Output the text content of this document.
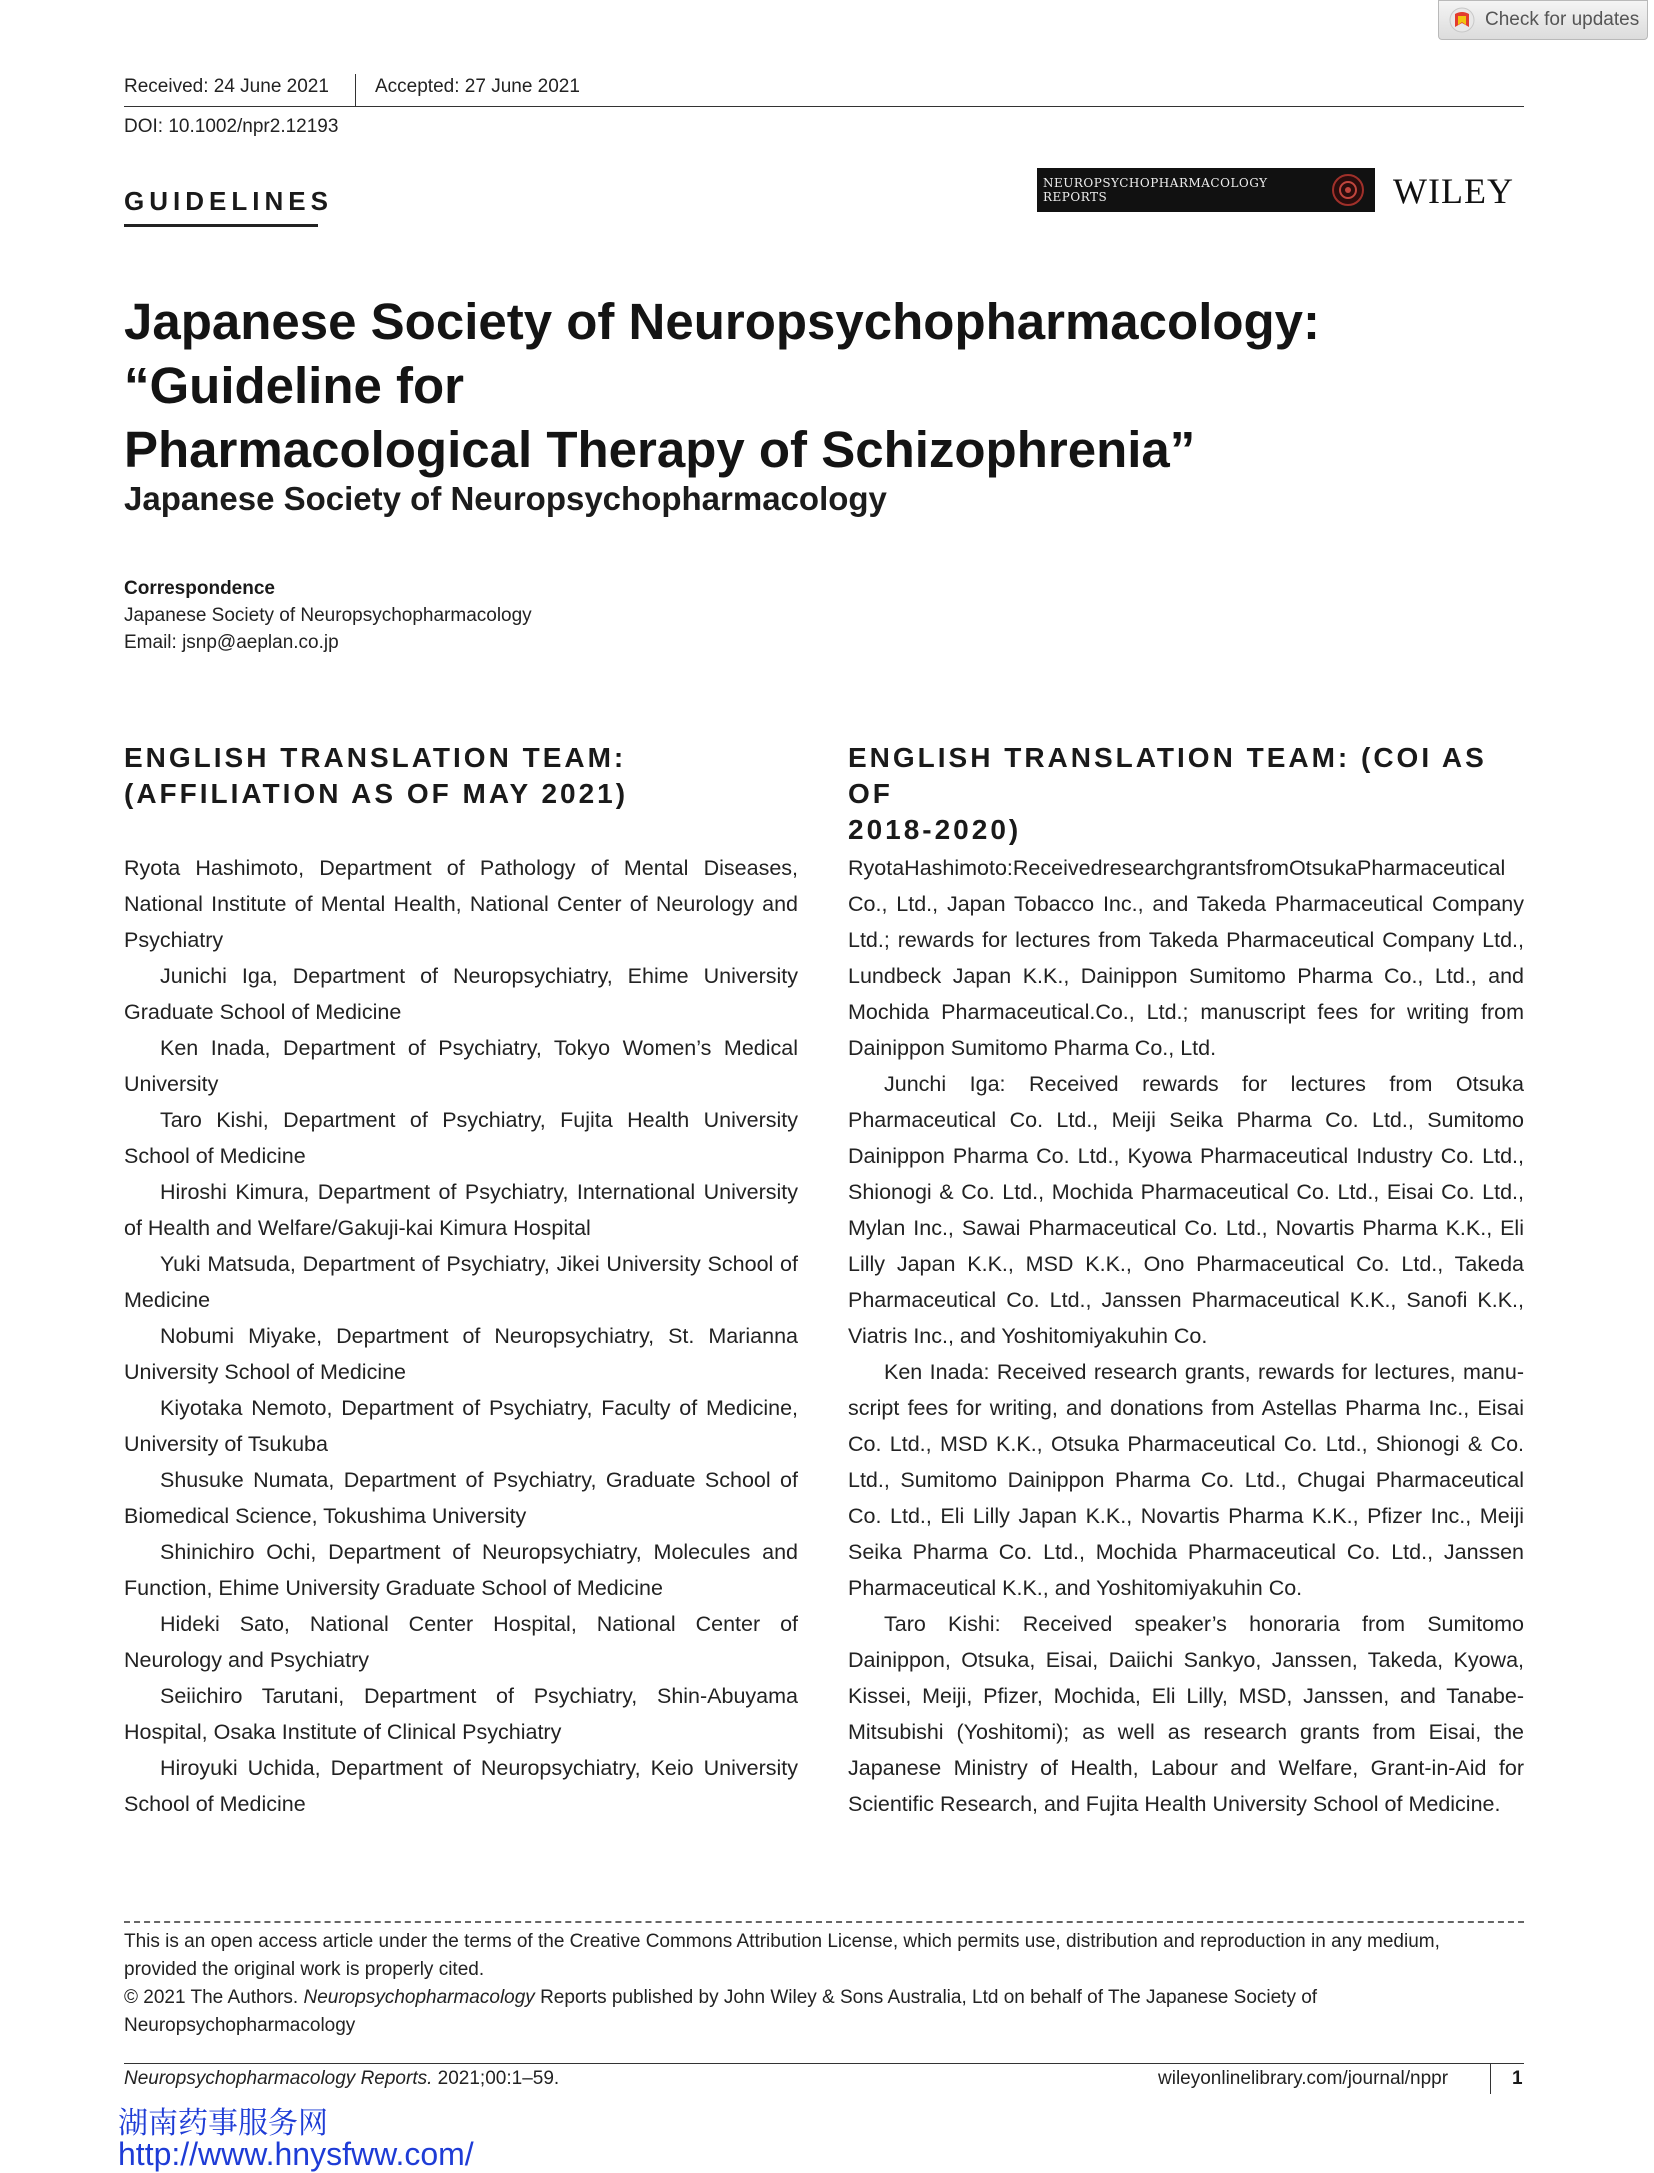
Check for updates
Received: 24 June 2021 Accepted: 27 June 2021
DOI: 10.1002/npr2.12193
GUIDELINES
NEUROPSYCHOPHARMACOLOGY
REPORTS	WILEY
Japanese Society of Neuropsychopharmacology: “Guideline for
Pharmacological Therapy of Schizophrenia”
Japanese Society of Neuropsychopharmacology
Correspondence
Japanese Society of Neuropsychopharmacology
Email: jsnp@aeplan.co.jp
ENGLISH TRANSLATION TEAM:
(AFFILIATION AS OF MAY 2021)

Ryota Hashimoto, Department of Pathology of Mental Diseases, National Institute of Mental Health, National Center of Neurology and Psychiatry

Junichi Iga, Department of Neuropsychiatry, Ehime University Graduate School of Medicine

Ken Inada, Department of Psychiatry, Tokyo Women’s Medical University

Taro Kishi, Department of Psychiatry, Fujita Health University School of Medicine

Hiroshi Kimura, Department of Psychiatry, International University of Health and Welfare/Gakuji-kai Kimura Hospital

Yuki Matsuda, Department of Psychiatry, Jikei University School of Medicine

Nobumi Miyake, Department of Neuropsychiatry, St. Marianna University School of Medicine

Kiyotaka Nemoto, Department of Psychiatry, Faculty of Medicine, University of Tsukuba

Shusuke Numata, Department of Psychiatry, Graduate School of Biomedical Science, Tokushima University

Shinichiro Ochi, Department of Neuropsychiatry, Molecules and Function, Ehime University Graduate School of Medicine

Hideki Sato, National Center Hospital, National Center of Neurology and Psychiatry

Seiichiro Tarutani, Department of Psychiatry, Shin-Abuyama Hospital, Osaka Institute of Clinical Psychiatry

Hiroyuki Uchida, Department of Neuropsychiatry, Keio University School of Medicine

ENGLISH TRANSLATION TEAM: (COI AS OF
2018-2020)

RyotaHashimoto:ReceivedresearchgrantsfromOtsukaPharmaceutical Co., Ltd., Japan Tobacco Inc., and Takeda Pharmaceutical Company Ltd.; rewards for lectures from Takeda Pharmaceutical Company Ltd., Lundbeck Japan K.K., Dainippon Sumitomo Pharma Co., Ltd., and Mochida Pharmaceutical.Co., Ltd.; manuscript fees for writing from Dainippon Sumitomo Pharma Co., Ltd.

Junchi Iga: Received rewards for lectures from Otsuka Pharmaceutical Co. Ltd., Meiji Seika Pharma Co. Ltd., Sumitomo Dainippon Pharma Co. Ltd., Kyowa Pharmaceutical Industry Co. Ltd., Shionogi & Co. Ltd., Mochida Pharmaceutical Co. Ltd., Eisai Co. Ltd., Mylan Inc., Sawai Pharmaceutical Co. Ltd., Novartis Pharma K.K., Eli Lilly Japan K.K., MSD K.K., Ono Pharmaceutical Co. Ltd., Takeda Pharmaceutical Co. Ltd., Janssen Pharmaceutical K.K., Sanofi K.K., Viatris Inc., and Yoshitomiyakuhin Co.

Ken Inada: Received research grants, rewards for lectures, manu-script fees for writing, and donations from Astellas Pharma Inc., Eisai Co. Ltd., MSD K.K., Otsuka Pharmaceutical Co. Ltd., Shionogi & Co. Ltd., Sumitomo Dainippon Pharma Co. Ltd., Chugai Pharmaceutical Co. Ltd., Eli Lilly Japan K.K., Novartis Pharma K.K., Pfizer Inc., Meiji Seika Pharma Co. Ltd., Mochida Pharmaceutical Co. Ltd., Janssen Pharmaceutical K.K., and Yoshitomiyakuhin Co.

Taro Kishi: Received speaker’s honoraria from Sumitomo Dainippon, Otsuka, Eisai, Daiichi Sankyo, Janssen, Takeda, Kyowa, Kissei, Meiji, Pfizer, Mochida, Eli Lilly, MSD, Janssen, and Tanabe-Mitsubishi (Yoshitomi); as well as research grants from Eisai, the Japanese Ministry of Health, Labour and Welfare, Grant-in-Aid for Scientific Research, and Fujita Health University School of Medicine.

This is an open access article under the terms of the Creative Commons Attribution License, which permits use, distribution and reproduction in any medium,
provided the original work is properly cited.
© 2021 The Authors. Neuropsychopharmacology Reports published by John Wiley & Sons Australia, Ltd on behalf of The Japanese Society of
Neuropsychopharmacology
Neuropsychopharmacology Reports. 2021;00:1–59.	wileyonlinelibrary.com/journal/nppr	1
湖南药事服务网
http://www.hnysfww.com/
